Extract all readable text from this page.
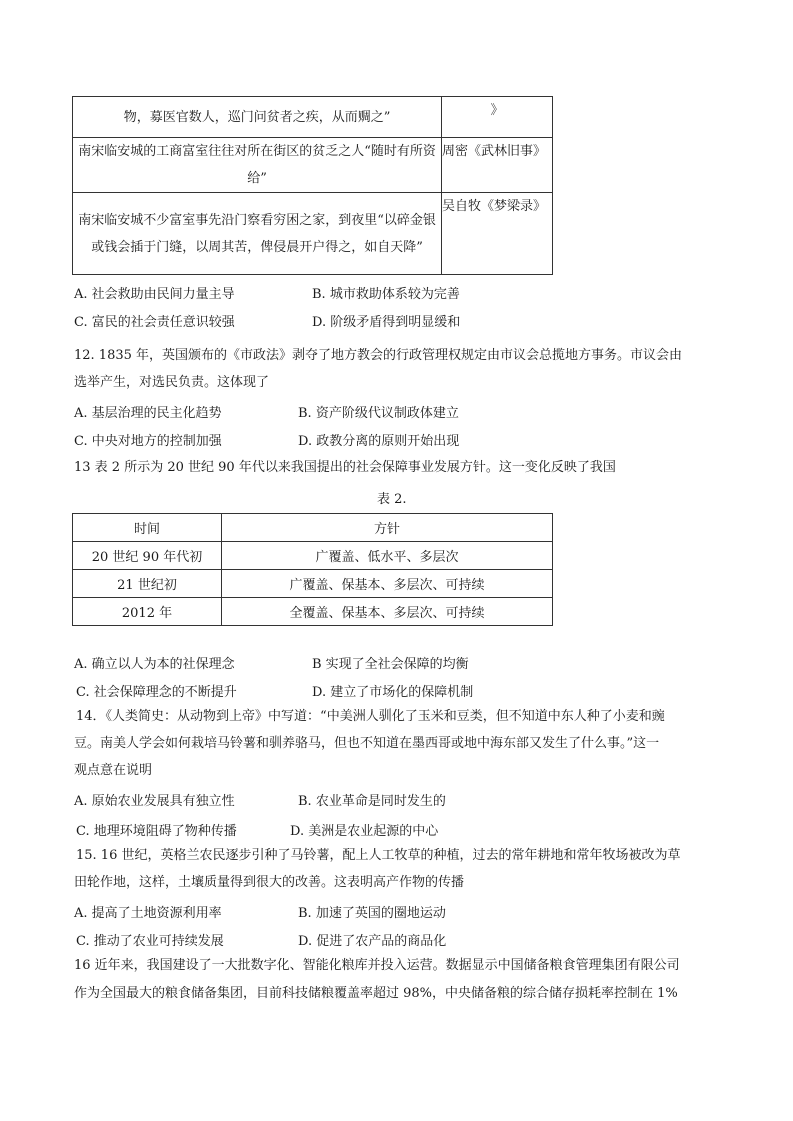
物，募医官数人，巡门问贫者之疾，从而赒之”	》
南宋临安城的工商富室往往对所在街区的贫乏之人“随时有所资给”	周密《武林旧事》
南宋临安城不少富室事先沿门察看穷困之家，到夜里“以碎金银或钱会插于门缝，以周其苦，俾侵晨开户得之，如自天降”	吴自牧《梦梁录》
A. 社会救助由民间力量主导	B. 城市救助体系较为完善
C. 富民的社会责任意识较强	D. 阶级矛盾得到明显缓和
12. 1835 年，英国颁布的《市政法》剥夺了地方教会的行政管理权规定由市议会总揽地方事务。市议会由
选举产生，对选民负责。这体现了
A. 基层治理的民主化趋势	B. 资产阶级代议制政体建立
C. 中央对地方的控制加强	D. 政教分离的原则开始出现
13 表 2 所示为 20 世纪 90 年代以来我国提出的社会保障事业发展方针。这一变化反映了我国
表 2.
时间	方针
20 世纪 90 年代初	广覆盖、低水平、多层次
21 世纪初	广覆盖、保基本、多层次、可持续
2012 年	全覆盖、保基本、多层次、可持续
A. 确立以人为本的社保理念	B 实现了全社会保障的均衡
C. 社会保障理念的不断提升	D. 建立了市场化的保障机制
14．《人类简史：从动物到上帝》中写道：“中美洲人驯化了玉米和豆类，但不知道中东人种了小麦和豌
豆。南美人学会如何栽培马铃薯和驯养骆马，但也不知道在墨西哥或地中海东部又发生了什么事。”这一
观点意在说明
A. 原始农业发展具有独立性	B. 农业革命是同时发生的
C. 地理环境阻碍了物种传播	D. 美洲是农业起源的中心
15. 16 世纪，英格兰农民逐步引种了马铃薯，配上人工牧草的种植，过去的常年耕地和常年牧场被改为草
田轮作地，这样，土壤质量得到很大的改善。这表明高产作物的传播
A. 提高了土地资源利用率	B. 加速了英国的圈地运动
C. 推动了农业可持续发展	D. 促进了农产品的商品化
16 近年来，我国建设了一大批数字化、智能化粮库并投入运营。数据显示中国储备粮食管理集团有限公司
作为全国最大的粮食储备集团，目前科技储粮覆盖率超过 98%，中央储备粮的综合储存损耗率控制在 1%
